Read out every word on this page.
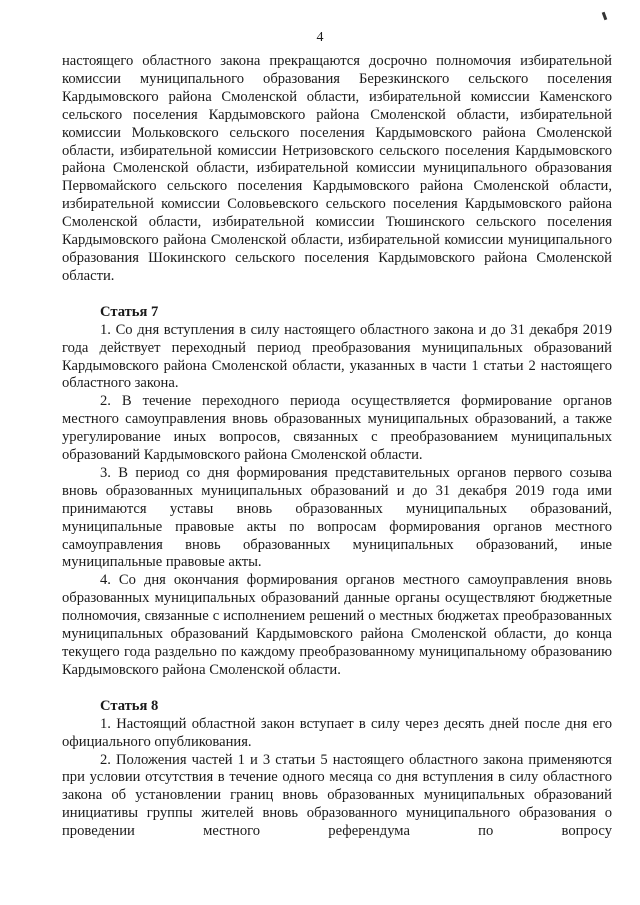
4

настоящего областного закона прекращаются досрочно полномочия избирательной комиссии муниципального образования Березкинского сельского поселения Кардымовского района Смоленской области, избирательной комиссии Каменского сельского поселения Кардымовского района Смоленской области, избирательной комиссии Мольковского сельского поселения Кардымовского района Смоленской области, избирательной комиссии Нетризовского сельского поселения Кардымовского района Смоленской области, избирательной комиссии муниципального образования Первомайского сельского поселения Кардымовского района Смоленской области, избирательной комиссии Соловьевского сельского поселения Кардымовского района Смоленской области, избирательной комиссии Тюшинского сельского поселения Кардымовского района Смоленской области, избирательной комиссии муниципального образования Шокинского сельского поселения Кардымовского района Смоленской области.

Статья 7

1. Со дня вступления в силу настоящего областного закона и до 31 декабря 2019 года действует переходный период преобразования муниципальных образований Кардымовского района Смоленской области, указанных в части 1 статьи 2 настоящего областного закона.

2. В течение переходного периода осуществляется формирование органов местного самоуправления вновь образованных муниципальных образований, а также урегулирование иных вопросов, связанных с преобразованием муниципальных образований Кардымовского района Смоленской области.

3. В период со дня формирования представительных органов первого созыва вновь образованных муниципальных образований и до 31 декабря 2019 года ими принимаются уставы вновь образованных муниципальных образований, муниципальные правовые акты по вопросам формирования органов местного самоуправления вновь образованных муниципальных образований, иные муниципальные правовые акты.

4. Со дня окончания формирования органов местного самоуправления вновь образованных муниципальных образований данные органы осуществляют бюджетные полномочия, связанные с исполнением решений о местных бюджетах преобразованных муниципальных образований Кардымовского района Смоленской области, до конца текущего года раздельно по каждому преобразованному муниципальному образованию Кардымовского района Смоленской области.

Статья 8

1. Настоящий областной закон вступает в силу через десять дней после дня его официального опубликования.

2. Положения частей 1 и 3 статьи 5 настоящего областного закона применяются при условии отсутствия в течение одного месяца со дня вступления в силу областного закона об установлении границ вновь образованных муниципальных образований инициативы группы жителей вновь образованного муниципального образования о проведении местного референдума по вопросу
